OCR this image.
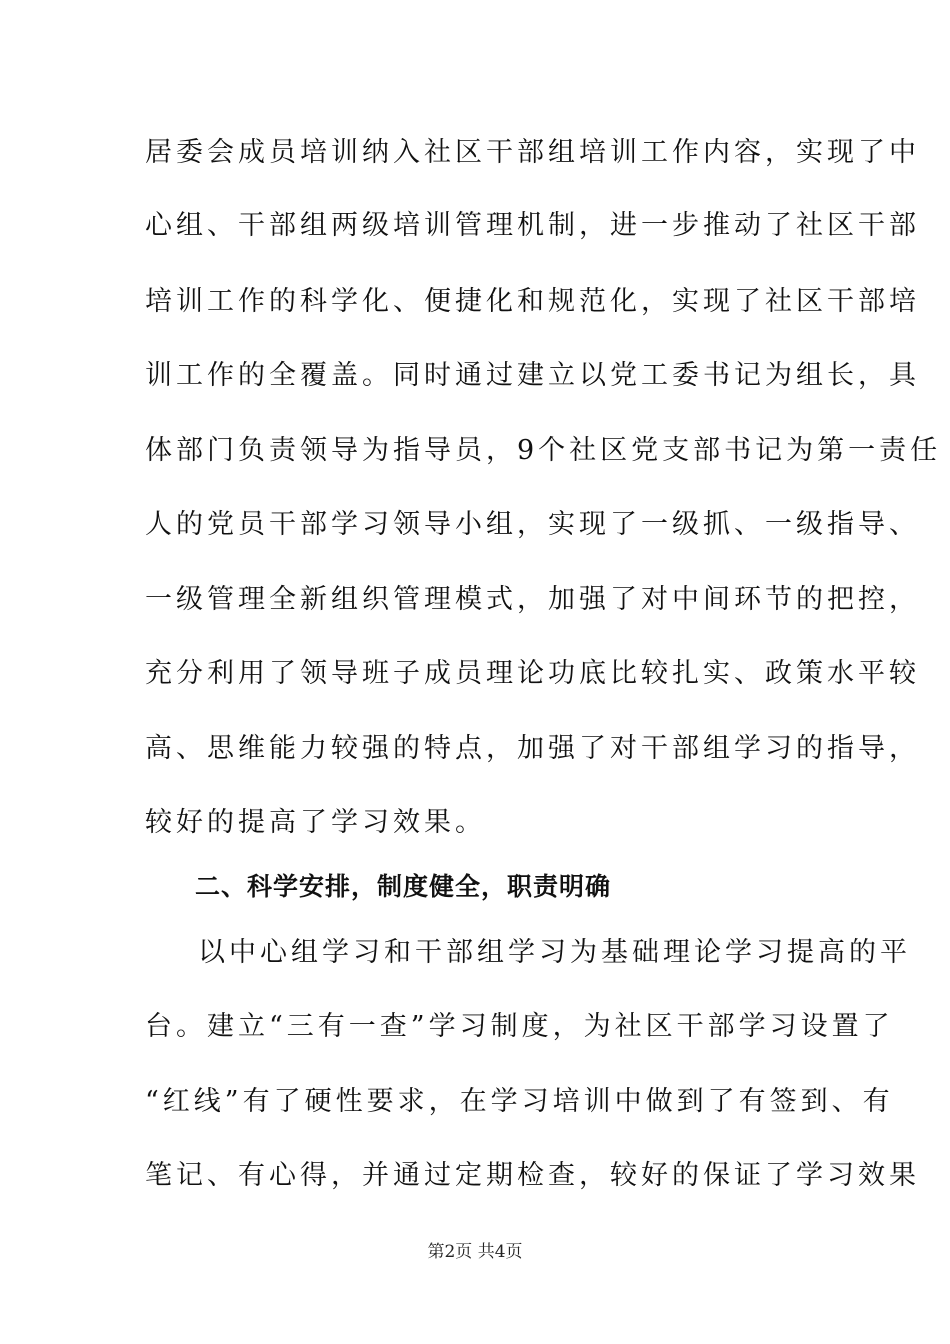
居委会成员培训纳入社区干部组培训工作内容，实现了中
心组、干部组两级培训管理机制，进一步推动了社区干部
培训工作的科学化、便捷化和规范化，实现了社区干部培
训工作的全覆盖。同时通过建立以党工委书记为组长，具
体部门负责领导为指导员，9个社区党支部书记为第一责任
人的党员干部学习领导小组，实现了一级抓、一级指导、
一级管理全新组织管理模式，加强了对中间环节的把控，
充分利用了领导班子成员理论功底比较扎实、政策水平较
高、思维能力较强的特点，加强了对干部组学习的指导，
较好的提高了学习效果。
二、科学安排，制度健全，职责明确
以中心组学习和干部组学习为基础理论学习提高的平
台。建立“三有一查”学习制度，为社区干部学习设置了
“红线”有了硬性要求，在学习培训中做到了有签到、有
笔记、有心得，并通过定期检查，较好的保证了学习效果
第2页 共4页
